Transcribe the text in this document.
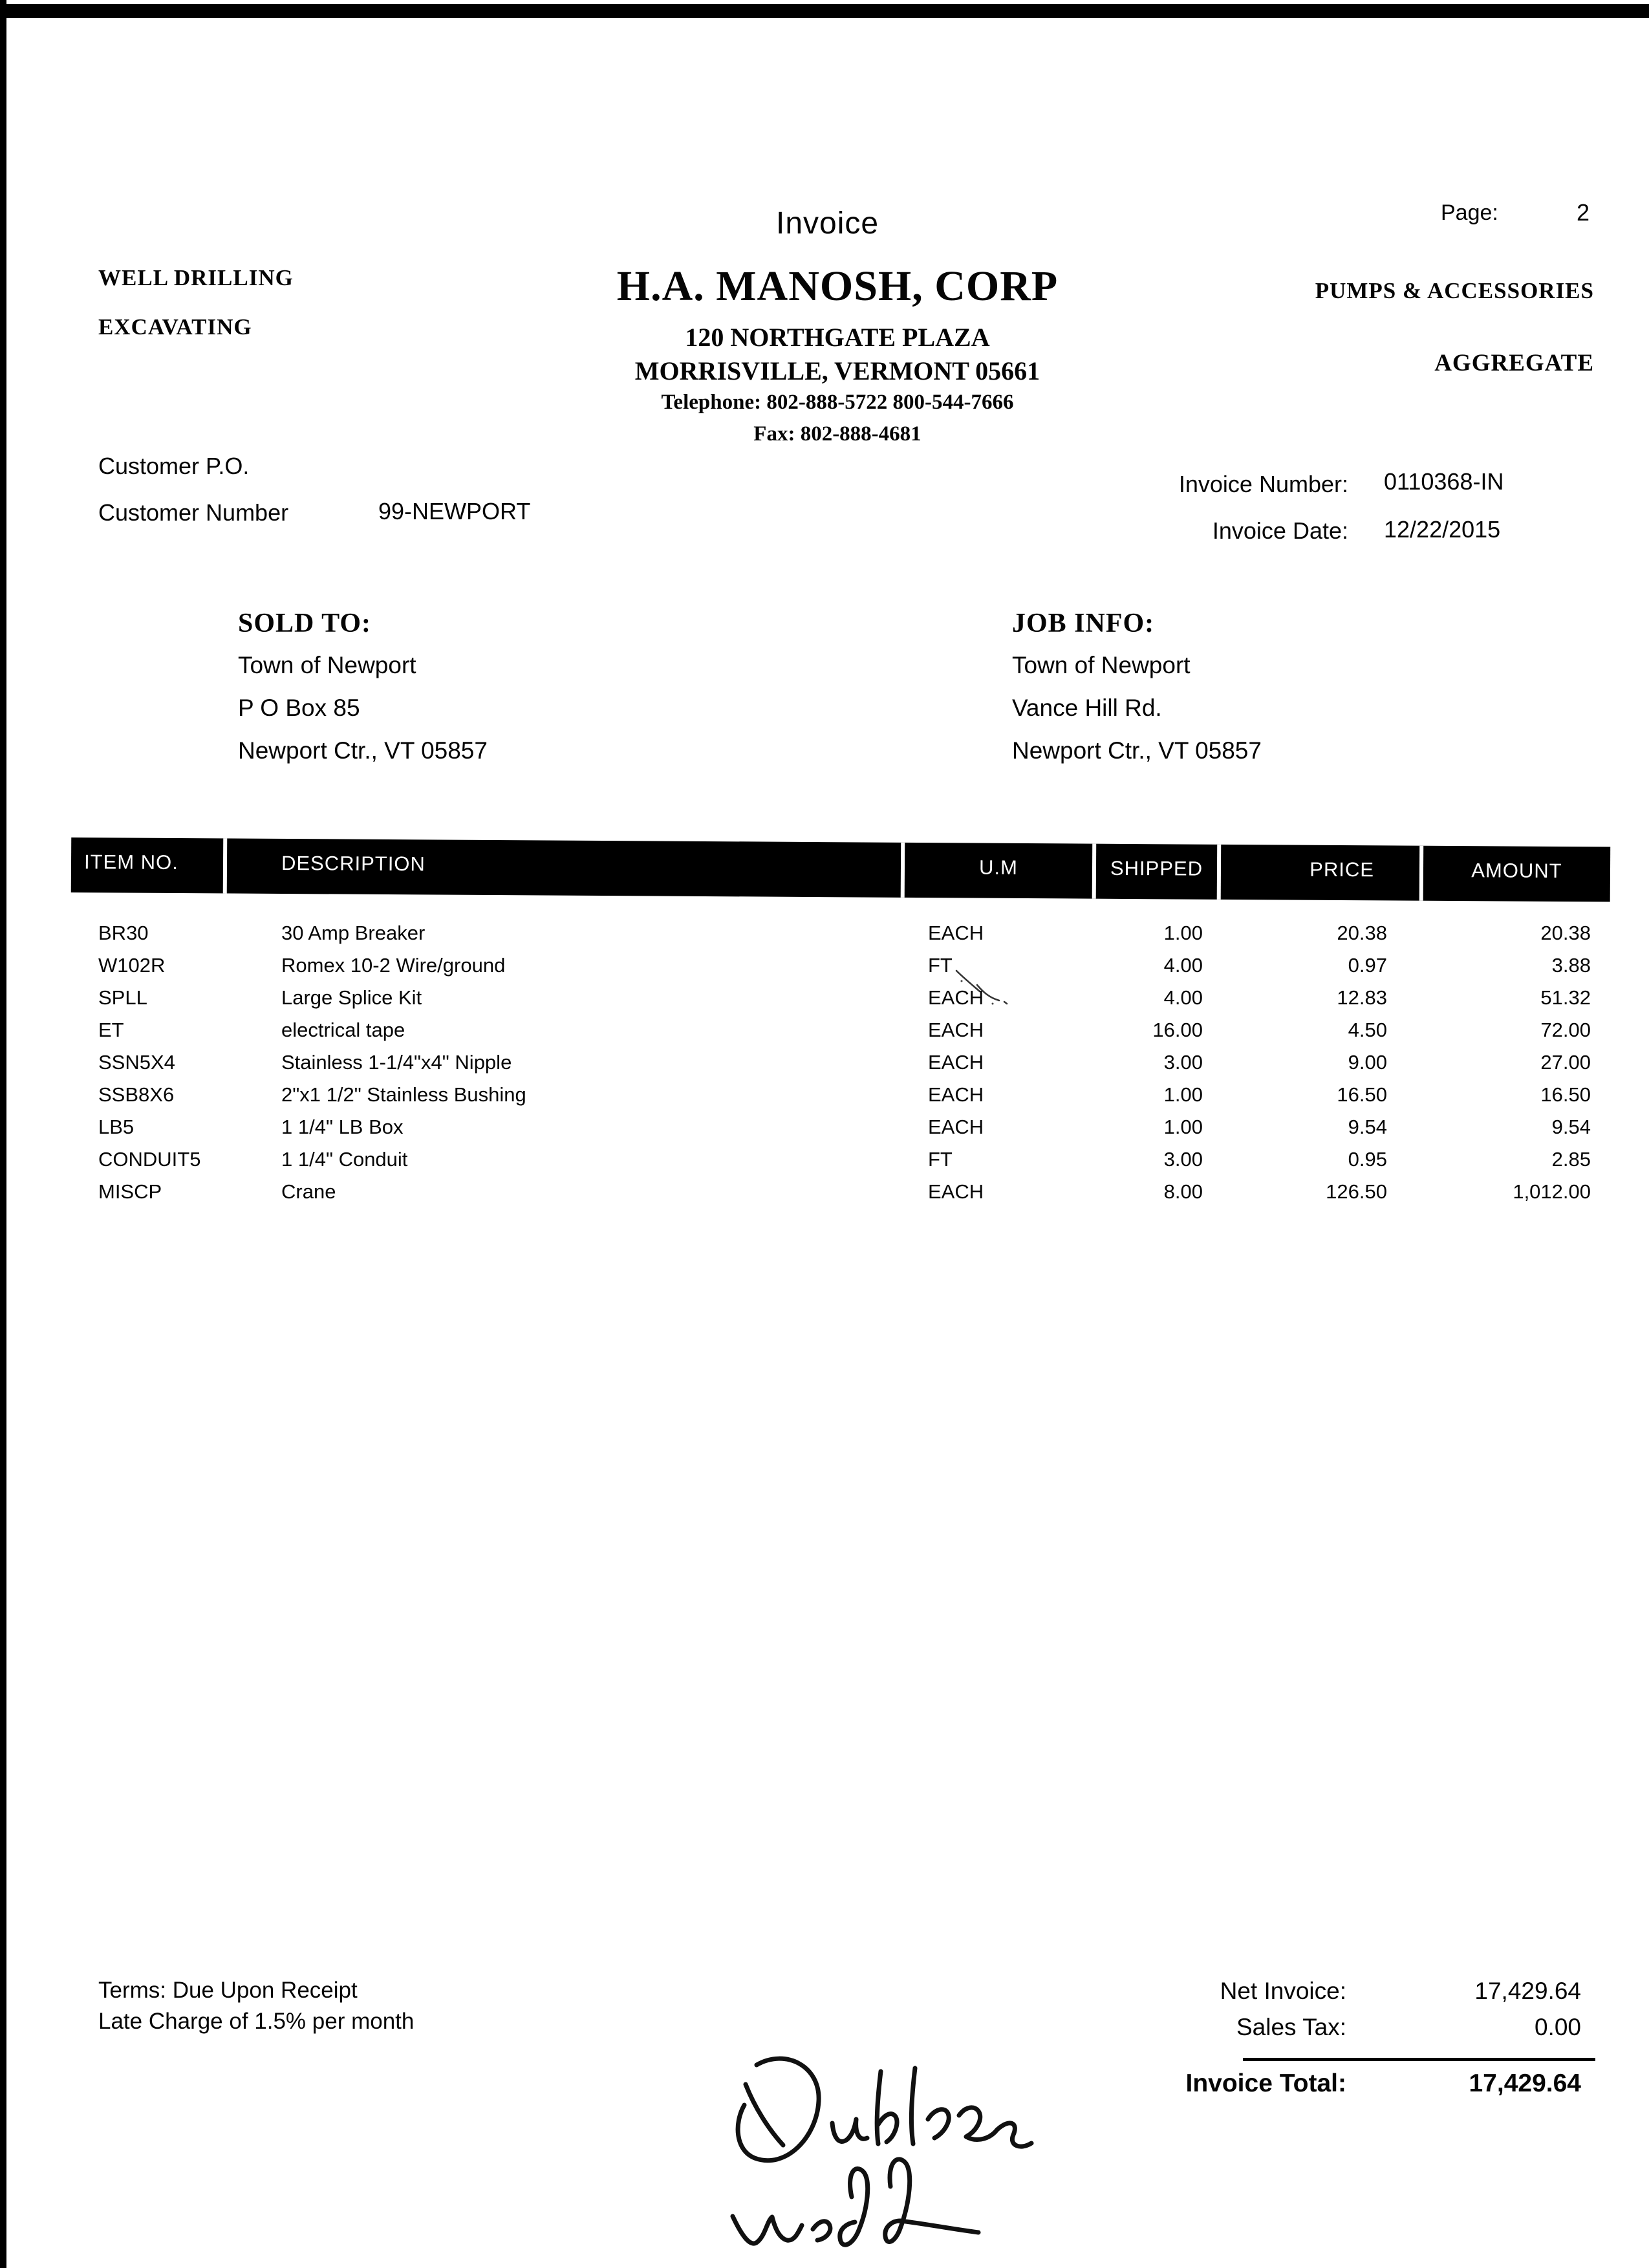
Page:	2
Invoice
WELL DRILLING
EXCAVATING
PUMPS & ACCESSORIES
AGGREGATE
H.A. MANOSH, CORP
120 NORTHGATE PLAZA
MORRISVILLE, VERMONT 05661
Telephone: 802-888-5722 800-544-7666
Fax: 802-888-4681
Customer P.O.
Customer Number	99-NEWPORT
Invoice Number: 0110368-IN
Invoice Date: 12/22/2015
SOLD TO:
Town of Newport
P O Box 85
Newport Ctr., VT 05857
JOB INFO:
Town of Newport
Vance Hill Rd.
Newport Ctr., VT 05857
ITEM NO.	DESCRIPTION	U.M	SHIPPED	PRICE	AMOUNT
BR30	30 Amp Breaker	EACH	1.00	20.38	20.38
W102R	Romex 10-2 Wire/ground	FT	4.00	0.97	3.88
SPLL	Large Splice Kit	EACH	4.00	12.83	51.32
ET	electrical tape	EACH	16.00	4.50	72.00
SSN5X4	Stainless 1-1/4"x4" Nipple	EACH	3.00	9.00	27.00
SSB8X6	2"x1 1/2" Stainless Bushing	EACH	1.00	16.50	16.50
LB5	1 1/4" LB Box	EACH	1.00	9.54	9.54
CONDUIT5	1 1/4" Conduit	FT	3.00	0.95	2.85
MISCP	Crane	EACH	8.00	126.50	1,012.00
Terms: Due Upon Receipt
Late Charge of 1.5% per month
Net Invoice:	17,429.64
Sales Tax:	0.00
Invoice Total:	17,429.64
